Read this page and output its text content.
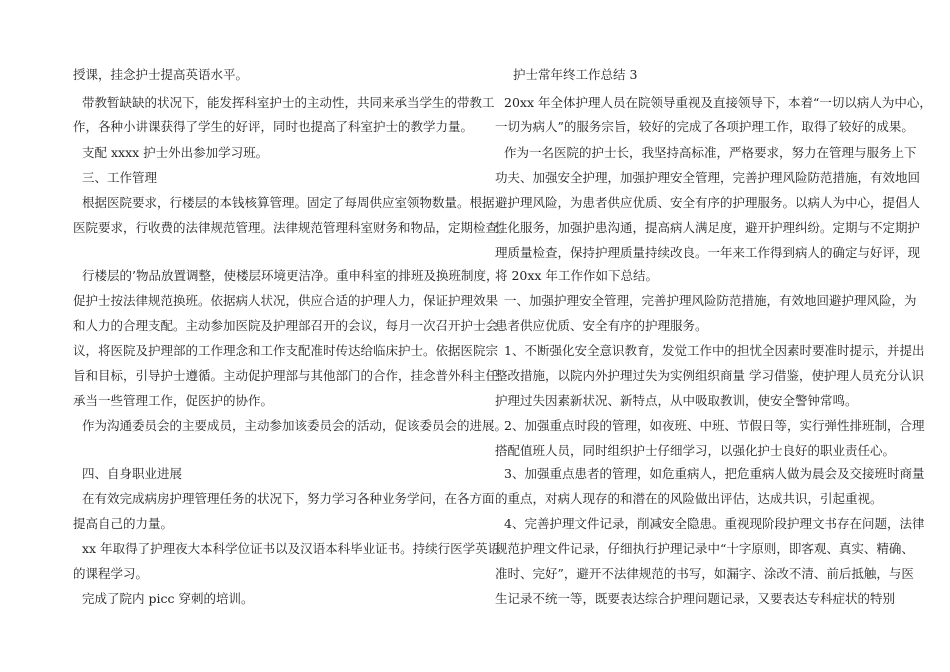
授课，挂念护士提高英语水平。
带教暂缺缺的状况下，能发挥科室护士的主动性，共同来承当学生的带教工
作，各种小讲课获得了学生的好评，同时也提高了科室护士的教学力量。
支配 xxxx 护士外出参加学习班。
三、工作管理
根据医院要求，行楼层的本钱核算管理。固定了每周供应室领物数量。根据
医院要求，行收费的法律规范管理。法律规范管理科室财务和物品，定期检查。
行楼层的’物品放置调整，使楼层环境更洁净。重申科室的排班及换班制度，
促护士按法律规范换班。依据病人状况，供应合适的护理人力，保证护理效果
和人力的合理支配。主动参加医院及护理部召开的会议，每月一次召开护士会
议，将医院及护理部的工作理念和工作支配准时传达给临床护士。依据医院宗
旨和目标，引导护士遵循。主动促护理部与其他部门的合作，挂念普外科主任
承当一些管理工作，促医护的协作。
作为沟通委员会的主要成员，主动参加该委员会的活动，促该委员会的进展。
四、自身职业进展
在有效完成病房护理管理任务的状况下，努力学习各种业务学问，在各方面
提高自己的力量。
xx 年取得了护理夜大本科学位证书以及汉语本科毕业证书。持续行医学英语
的课程学习。
完成了院内 picc 穿刺的培训。
护士常年终工作总结 3
20xx 年全体护理人员在院领导重视及直接领导下，本着“一切以病人为中心，
一切为病人”的服务宗旨，较好的完成了各项护理工作，取得了较好的成果。
作为一名医院的护士长，我坚持高标准，严格要求，努力在管理与服务上下
功夫、加强安全护理，加强护理安全管理，完善护理风险防范措施，有效地回
避护理风险，为患者供应优质、安全有序的护理服务。以病人为中心，提倡人
性化服务，加强护患沟通，提高病人满足度，避开护理纠纷。定期与不定期护
理质量检查，保持护理质量持续改良。一年来工作得到病人的确定与好评，现
将 20xx 年工作作如下总结。
一、加强护理安全管理，完善护理风险防范措施，有效地回避护理风险，为
患者供应优质、安全有序的护理服务。
1、不断强化安全意识教育，发觉工作中的担忧全因素时要准时提示，并提出
整改措施，以院内外护理过失为实例组织商量 学习借鉴，使护理人员充分认识
护理过失因素新状况、新特点，从中吸取教训，使安全警钟常鸣。
2、加强重点时段的管理，如夜班、中班、节假日等，实行弹性排班制，合理
搭配值班人员，同时组织护士仔细学习，以强化护士良好的职业责任心。
3、加强重点患者的管理，如危重病人，把危重病人做为晨会及交接班时商量
的重点，对病人现存的和潜在的风险做出评估，达成共识，引起重视。
4、完善护理文件记录，削减安全隐患。重视现阶段护理文书存在问题，法律
规范护理文件记录，仔细执行护理记录中“十字原则，即客观、真实、精确、
准时、完好”，避开不法律规范的书写，如漏字、涂改不清、前后抵触，与医
生记录不统一等，既要表达综合护理问题记录，又要表达专科症状的特别
